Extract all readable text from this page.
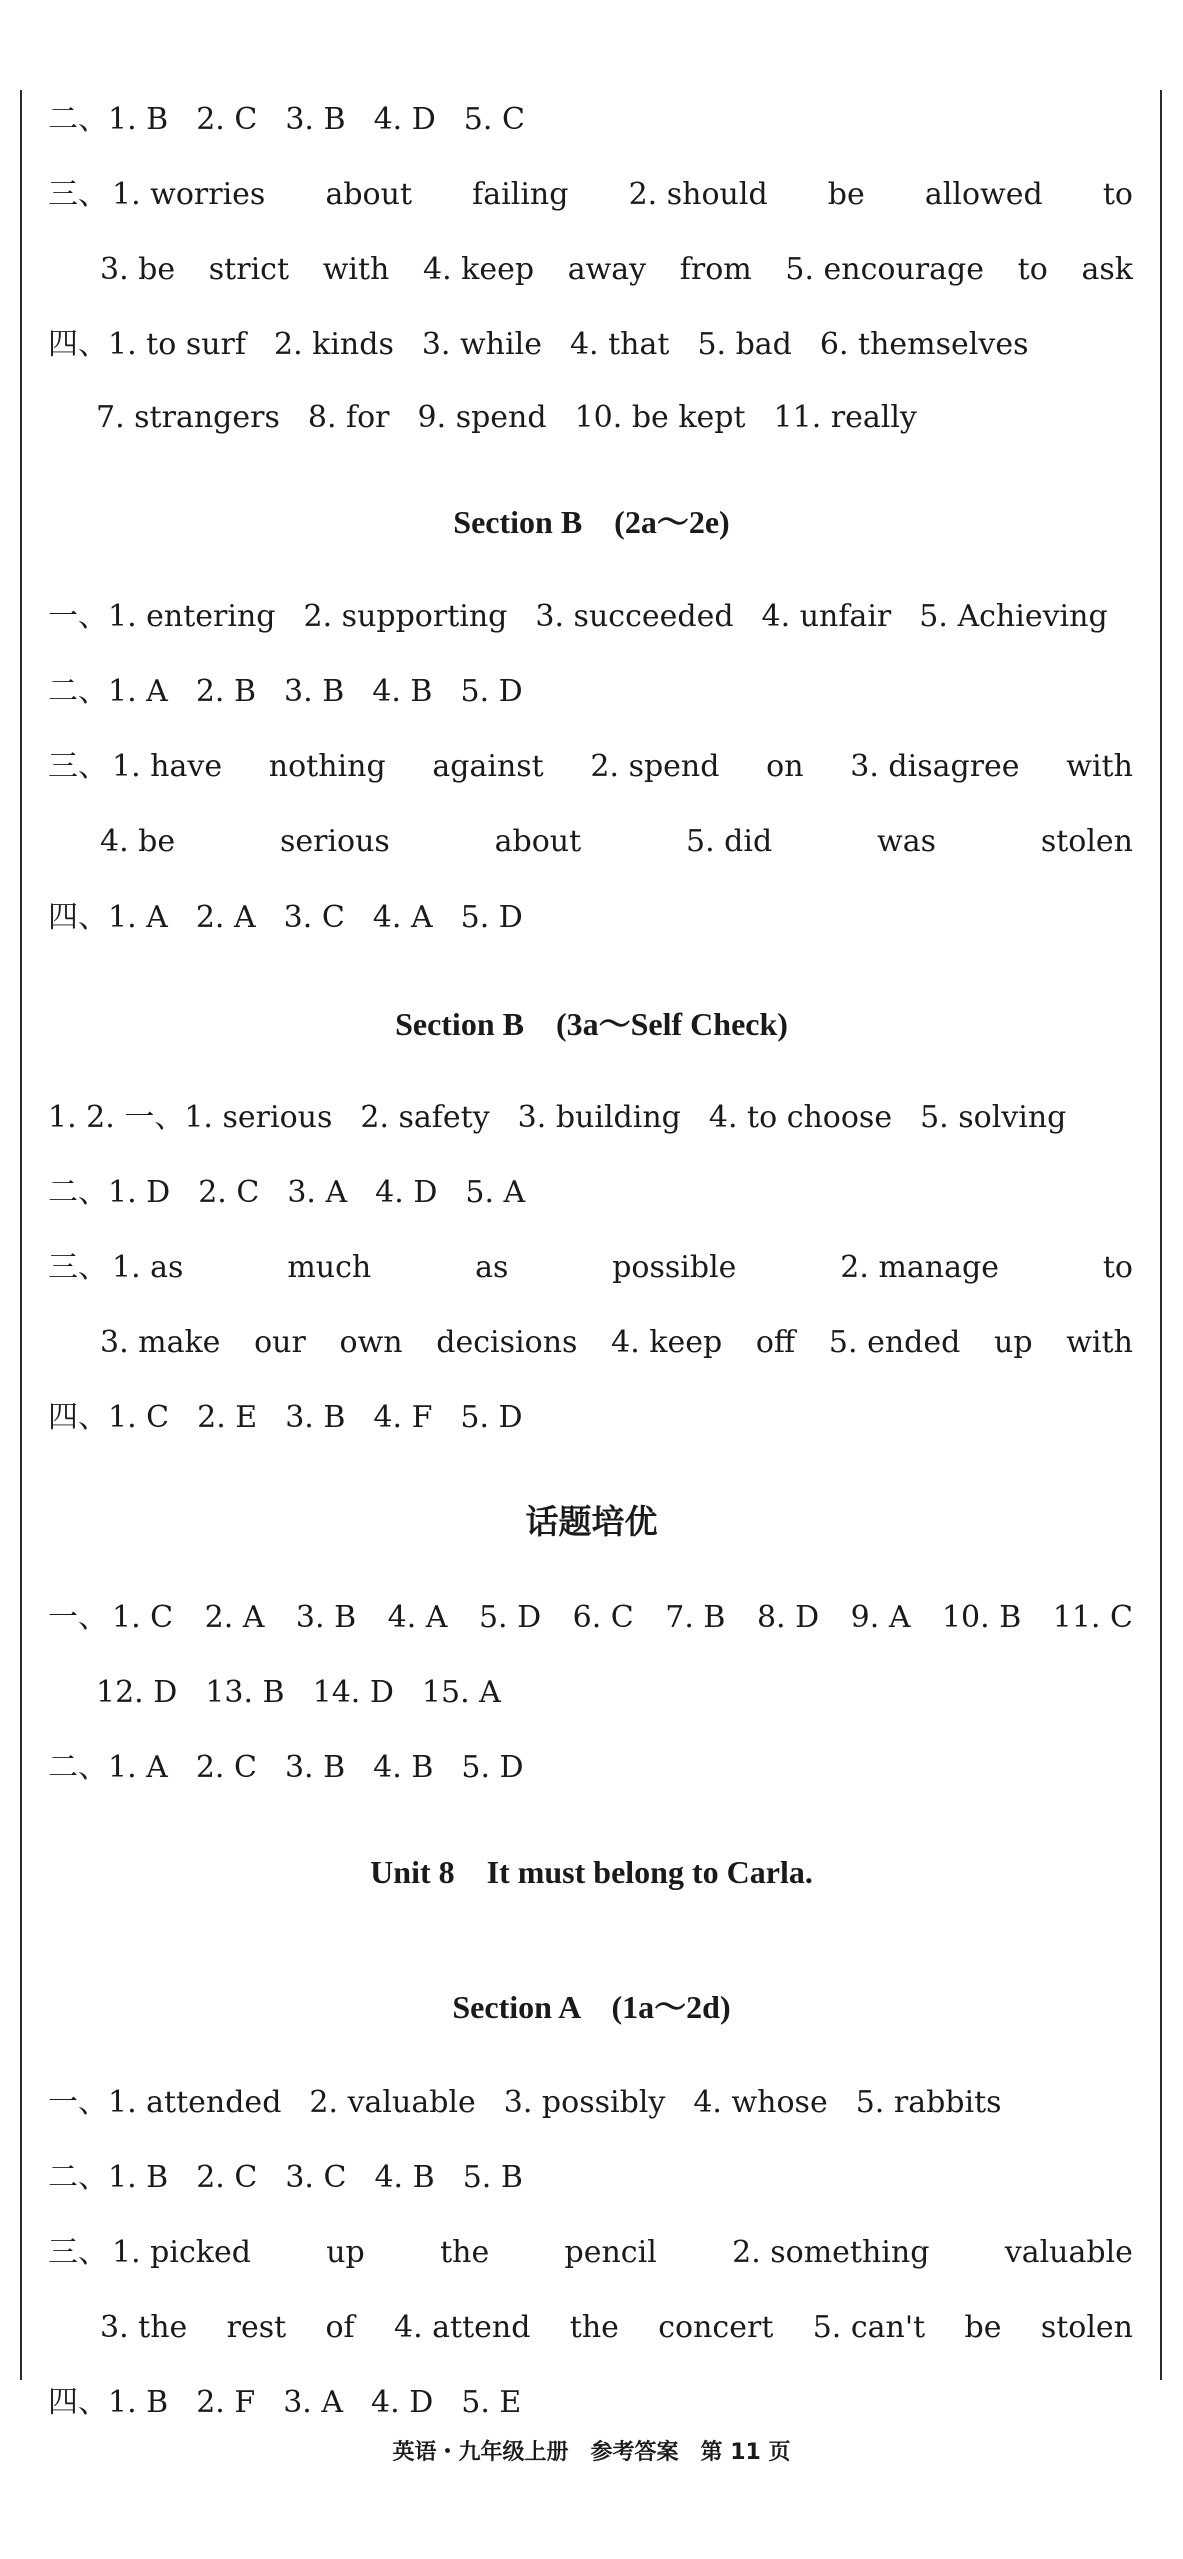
二、 1. B 2. C 3. B 4. D 5. C
三、 1. worries about failing 2. should be allowed to
3. be strict with 4. keep away from 5. encourage to ask
四、 1. to surf 2. kinds 3. while 4. that 5. bad 6. themselves
7. strangers 8. for 9. spend 10. be kept 11. really
Section B　(2a～2e)
一、 1. entering 2. supporting 3. succeeded 4. unfair 5. Achieving
二、 1. A 2. B 3. B 4. B 5. D
三、 1. have nothing against 2. spend on 3. disagree with
4. be	serious	about	5. did	was	stolen
四、 1. A 2. A 3. C 4. A 5. D
Section B　(3a～Self Check)
1. 2. 一、 1. serious 2. safety 3. building 4. to choose 5. solving
二、 1. D 2. C 3. A 4. D 5. A
三、 1. as	much	as	possible	2. manage	to
3. make our own decisions 4. keep off 5. ended up with
四、 1. C 2. E 3. B 4. F 5. D
话题培优
一、 1. C 2. A 3. B 4. A 5. D 6. C 7. B 8. D 9. A 10. B 11. C
12. D 13. B 14. D 15. A
二、 1. A 2. C 3. B 4. B 5. D
Unit 8　It must belong to Carla.
Section A　(1a～2d)
一、 1. attended 2. valuable 3. possibly 4. whose 5. rabbits
二、 1. B 2. C 3. C 4. B 5. B
三、 1. picked	up	the	pencil	2. something	valuable
3. the rest of 4. attend the concert 5. can't be stolen
四、 1. B 2. F 3. A 4. D 5. E
英语・九年级上册　参考答案　第 11 页
